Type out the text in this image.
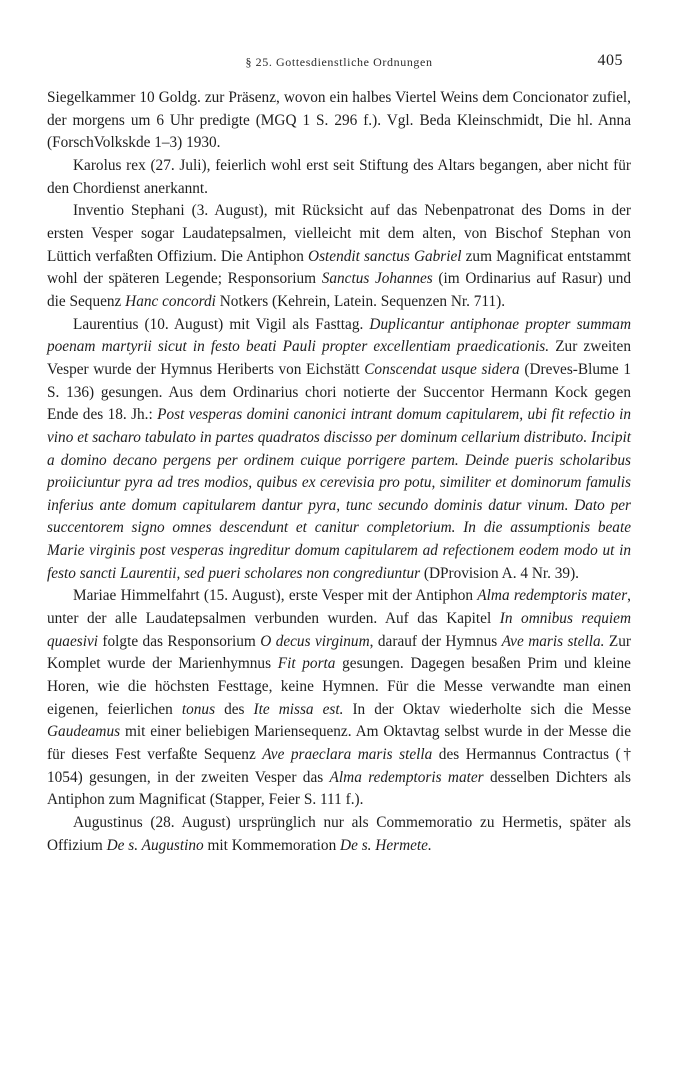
§ 25. Gottesdienstliche Ordnungen	405

Siegelkammer 10 Goldg. zur Präsenz, wovon ein halbes Viertel Weins dem Concionator zufiel, der morgens um 6 Uhr predigte (MGQ 1 S. 296 f.). Vgl. Beda Kleinschmidt, Die hl. Anna (ForschVolkskde 1–3) 1930.

Karolus rex (27. Juli), feierlich wohl erst seit Stiftung des Altars begangen, aber nicht für den Chordienst anerkannt.

Inventio Stephani (3. August), mit Rücksicht auf das Nebenpatronat des Doms in der ersten Vesper sogar Laudatepsalmen, vielleicht mit dem alten, von Bischof Stephan von Lüttich verfaßten Offizium. Die Antiphon Ostendit sanctus Gabriel zum Magnificat entstammt wohl der späteren Legende; Responsorium Sanctus Johannes (im Ordinarius auf Rasur) und die Sequenz Hanc concordi Notkers (Kehrein, Latein. Sequenzen Nr. 711).

Laurentius (10. August) mit Vigil als Fasttag. Duplicantur antiphonae propter summam poenam martyrii sicut in festo beati Pauli propter excellentiam praedicationis. Zur zweiten Vesper wurde der Hymnus Heriberts von Eichstätt Conscendat usque sidera (Dreves-Blume 1 S. 136) gesungen. Aus dem Ordinarius chori notierte der Succentor Hermann Kock gegen Ende des 18. Jh.: Post vesperas domini canonici intrant domum capitularem, ubi fit refectio in vino et sacharo tabulato in partes quadratos discisso per dominum cellarium distributo. Incipit a domino decano pergens per ordinem cuique porrigere partem. Deinde pueris scholaribus proiiciuntur pyra ad tres modios, quibus ex cerevisia pro potu, similiter et dominorum famulis inferius ante domum capitularem dantur pyra, tunc secundo dominis datur vinum. Dato per succentorem signo omnes descendunt et canitur completorium. In die assumptionis beate Marie virginis post vesperas ingreditur domum capitularem ad refectionem eodem modo ut in festo sancti Laurentii, sed pueri scholares non congrediuntur (DProvision A. 4 Nr. 39).

Mariae Himmelfahrt (15. August), erste Vesper mit der Antiphon Alma redemptoris mater, unter der alle Laudatepsalmen verbunden wurden. Auf das Kapitel In omnibus requiem quaesivi folgte das Responsorium O decus virginum, darauf der Hymnus Ave maris stella. Zur Komplet wurde der Marienhymnus Fit porta gesungen. Dagegen besaßen Prim und kleine Horen, wie die höchsten Festtage, keine Hymnen. Für die Messe verwandte man einen eigenen, feierlichen tonus des Ite missa est. In der Oktav wiederholte sich die Messe Gaudeamus mit einer beliebigen Mariensequenz. Am Oktavtag selbst wurde in der Messe die für dieses Fest verfaßte Sequenz Ave praeclara maris stella des Hermannus Contractus († 1054) gesungen, in der zweiten Vesper das Alma redemptoris mater desselben Dichters als Antiphon zum Magnificat (Stapper, Feier S. 111 f.).

Augustinus (28. August) ursprünglich nur als Commemoratio zu Hermetis, später als Offizium De s. Augustino mit Kommemoration De s. Hermete.
